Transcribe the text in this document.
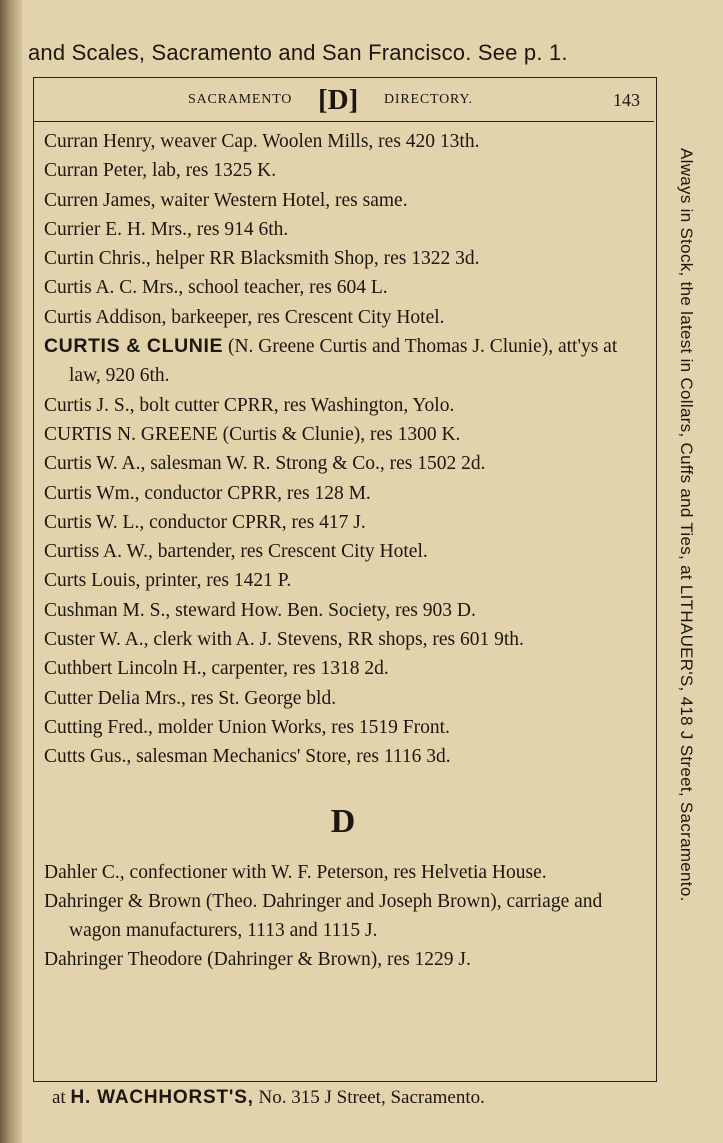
and Scales, Sacramento and San Francisco. See p. 1.
SACRAMENTO [D] DIRECTORY.	143
Curran Henry, weaver Cap. Woolen Mills, res 420 13th.
Curran Peter, lab, res 1325 K.
Curren James, waiter Western Hotel, res same.
Currier E. H. Mrs., res 914 6th.
Curtin Chris., helper RR Blacksmith Shop, res 1322 3d.
Curtis A. C. Mrs., school teacher, res 604 L.
Curtis Addison, barkeeper, res Crescent City Hotel.
CURTIS & CLUNIE (N. Greene Curtis and Thomas J. Clunie), att'ys at law, 920 6th.
Curtis J. S., bolt cutter CPRR, res Washington, Yolo.
CURTIS N. GREENE (Curtis & Clunie), res 1300 K.
Curtis W. A., salesman W. R. Strong & Co., res 1502 2d.
Curtis Wm., conductor CPRR, res 128 M.
Curtis W. L., conductor CPRR, res 417 J.
Curtiss A. W., bartender, res Crescent City Hotel.
Curts Louis, printer, res 1421 P.
Cushman M. S., steward How. Ben. Society, res 903 D.
Custer W. A., clerk with A. J. Stevens, RR shops, res 601 9th.
Cuthbert Lincoln H., carpenter, res 1318 2d.
Cutter Delia Mrs., res St. George bld.
Cutting Fred., molder Union Works, res 1519 Front.
Cutts Gus., salesman Mechanics' Store, res 1116 3d.
D
Dahler C., confectioner with W. F. Peterson, res Helvetia House.
Dahringer & Brown (Theo. Dahringer and Joseph Brown), carriage and wagon manufacturers, 1113 and 1115 J.
Dahringer Theodore (Dahringer & Brown), res 1229 J.
Always in Stock, the latest in Collars, Cuffs and Ties, at LITHAUER'S, 418 J Street, Sacramento.
at H. WACHHORST'S, No. 315 J Street, Sacramento.
